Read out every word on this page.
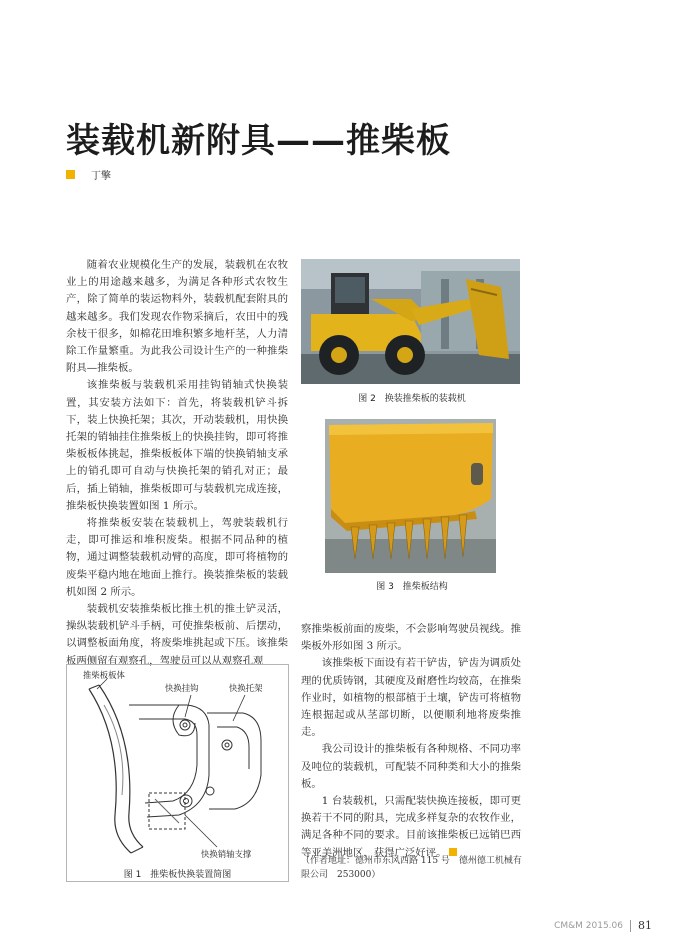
装载机新附具——推柴板
丁擎

随着农业规模化生产的发展，装载机在农牧业上的用途越来越多，为满足各种形式农牧生产，除了简单的装运物料外，装载机配套附具的越来越多。我们发现农作物采摘后，农田中的残余枝干很多，如棉花田堆积繁多地杆茎，人力清除工作量繁重。为此我公司设计生产的一种推柴附具—推柴板。

该推柴板与装载机采用挂钩销轴式快换装置，其安装方法如下：首先，将装载机铲斗拆下，装上快换托架；其次，开动装载机，用快换托架的销轴挂住推柴板上的快换挂钩，即可将推柴板板体挑起，推柴板板体下端的快换销轴支承上的销孔即可自动与快换托架的销孔对正；最后，插上销轴，推柴板即可与装载机完成连接，推柴板快换装置如图 1 所示。

将推柴板安装在装载机上，驾驶装载机行走，即可推运和堆积废柴。根据不同品种的植物，通过调整装载机动臂的高度，即可将植物的废柴平稳内地在地面上推行。换装推柴板的装载机如图 2 所示。

装载机安装推柴板比推土机的推土铲灵活，操纵装载机铲斗手柄，可使推柴板前、后摆动，以调整板面角度，将废柴堆挑起或下压。该推柴板两侧留有观察孔，驾驶员可以从观察孔观

推柴板板体
快换挂钩	快换托架
快换销轴支撑
图 1　推柴板快换装置简图
图 2　换装推柴板的装载机
图 3　推柴板结构

察推柴板前面的废柴，不会影响驾驶员视线。推柴板外形如图 3 所示。

该推柴板下面设有若干铲齿，铲齿为调质处理的优质铸钢，其硬度及耐磨性均较高，在推柴作业时，如植物的根部植于土壤，铲齿可将植物连根掘起或从茎部切断，以便顺利地将废柴推走。

我公司设计的推柴板有各种规格、不同功率及吨位的装载机，可配装不同种类和大小的推柴板。

1 台装载机，只需配装快换连接板，即可更换若干不同的附具，完成多样复杂的农牧作业，满足各种不同的要求。目前该推柴板已远销巴西等亚美洲地区，获得广泛好评。

（作者地址：德州市东风西路 115 号　德州德工机械有限公司　253000）
CM&M 2015.06 81
